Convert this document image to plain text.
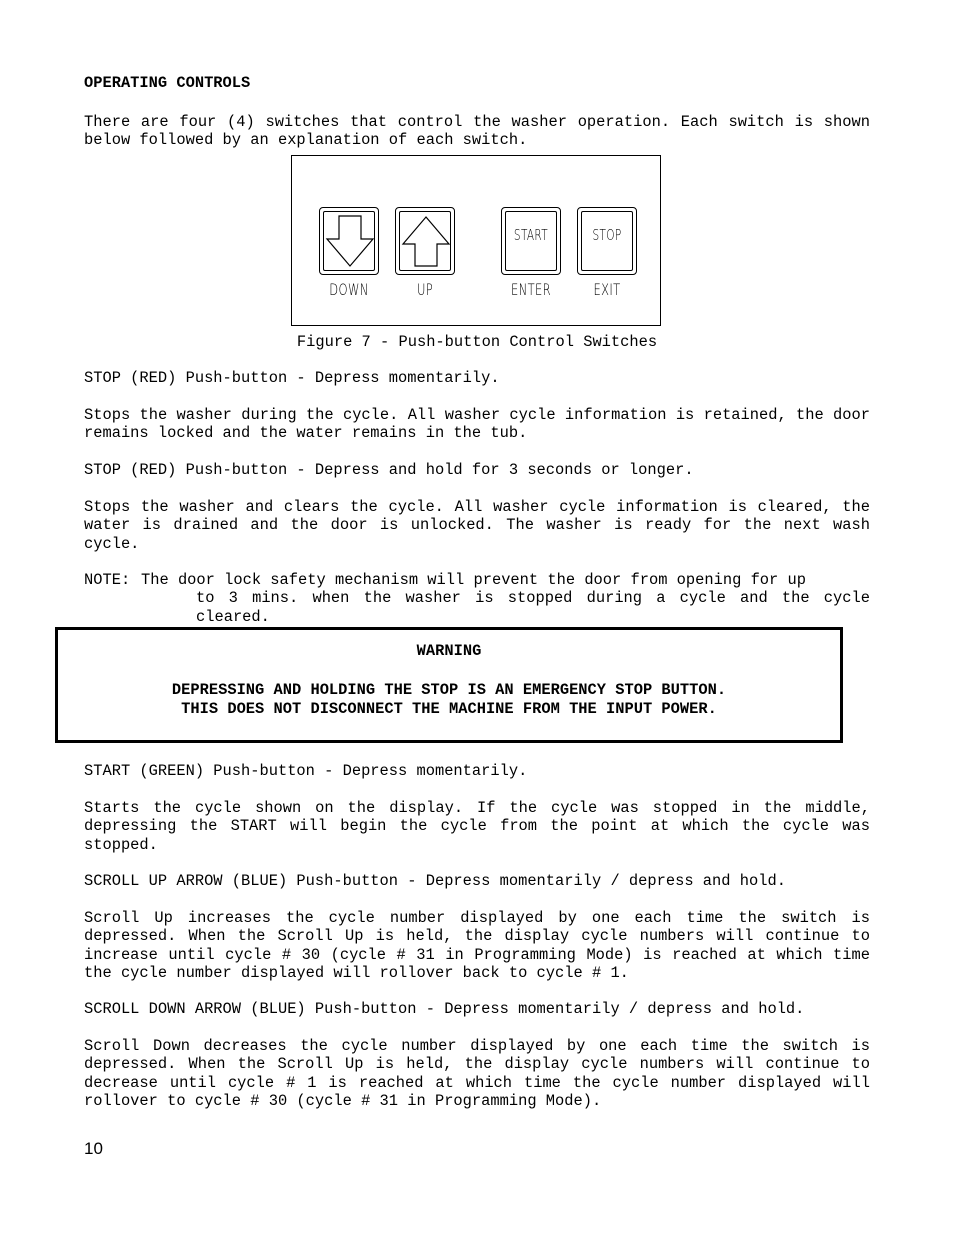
OPERATING CONTROLS

There are four (4) switches that control the washer operation. Each switch is shown below followed by an explanation of each switch.

START	STOP
DOWN	UP	ENTER	EXIT

Figure 7 - Push-button Control Switches

STOP (RED) Push-button - Depress momentarily.

Stops the washer during the cycle. All washer cycle information is retained, the door remains locked and the water remains in the tub.

STOP (RED) Push-button - Depress and hold for 3 seconds or longer.

Stops the washer and clears the cycle. All washer cycle information is cleared, the water is drained and the door is unlocked. The washer is ready for the next wash cycle.

NOTE: The door lock safety mechanism will prevent the door from opening for up
to 3 mins. when the washer is stopped during a cycle and the cycle cleared.
WARNING
DEPRESSING AND HOLDING THE STOP IS AN EMERGENCY STOP BUTTON.
THIS DOES NOT DISCONNECT THE MACHINE FROM THE INPUT POWER.

START (GREEN) Push-button - Depress momentarily.

Starts the cycle shown on the display. If the cycle was stopped in the middle, depressing the START will begin the cycle from the point at which the cycle was stopped.

SCROLL UP ARROW (BLUE) Push-button - Depress momentarily / depress and hold.

Scroll Up increases the cycle number displayed by one each time the switch is depressed. When the Scroll Up is held, the display cycle numbers will continue to increase until cycle # 30 (cycle # 31 in Programming Mode) is reached at which time the cycle number displayed will rollover back to cycle # 1.

SCROLL DOWN ARROW (BLUE) Push-button - Depress momentarily / depress and hold.

Scroll Down decreases the cycle number displayed by one each time the switch is depressed. When the Scroll Up is held, the display cycle numbers will continue to decrease until cycle # 1 is reached at which time the cycle number displayed will rollover to cycle # 30 (cycle # 31 in Programming Mode).

10
